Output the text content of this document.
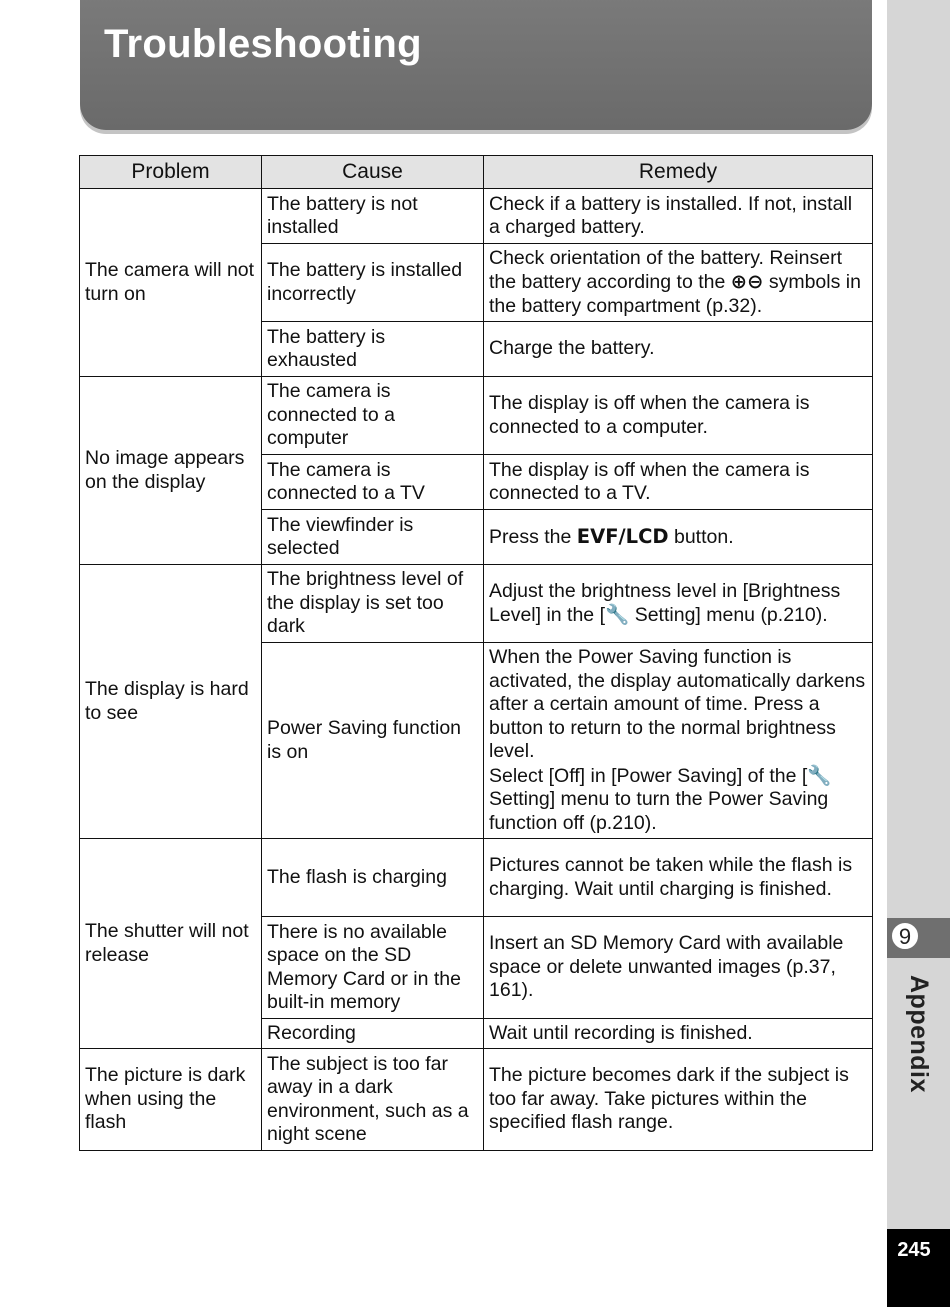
Troubleshooting
9
Appendix
245
Problem	Cause	Remedy
The camera will not turn on	The battery is not installed	Check if a battery is installed. If not, install a charged battery.
	The battery is installed incorrectly	Check orientation of the battery. Reinsert the battery according to the ⊕⊖ symbols in the battery compartment (p.32).
	The battery is exhausted	Charge the battery.
No image appears on the display	The camera is connected to a computer	The display is off when the camera is connected to a computer.
	The camera is connected to a TV	The display is off when the camera is connected to a TV.
	The viewfinder is selected	Press the EVF/LCD button.
The display is hard to see	The brightness level of the display is set too dark	Adjust the brightness level in [Brightness Level] in the [🔧 Setting] menu (p.210).
	Power Saving function is on	When the Power Saving function is activated, the display automatically darkens after a certain amount of time. Press a button to return to the normal brightness level.
Select [Off] in [Power Saving] of the [🔧 Setting] menu to turn the Power Saving function off (p.210).
The shutter will not release	The flash is charging	Pictures cannot be taken while the flash is charging. Wait until charging is finished.
	There is no available space on the SD Memory Card or in the built-in memory	Insert an SD Memory Card with available space or delete unwanted images (p.37, 161).
	Recording	Wait until recording is finished.
The picture is dark when using the flash	The subject is too far away in a dark environment, such as a night scene	The picture becomes dark if the subject is too far away. Take pictures within the specified flash range.
